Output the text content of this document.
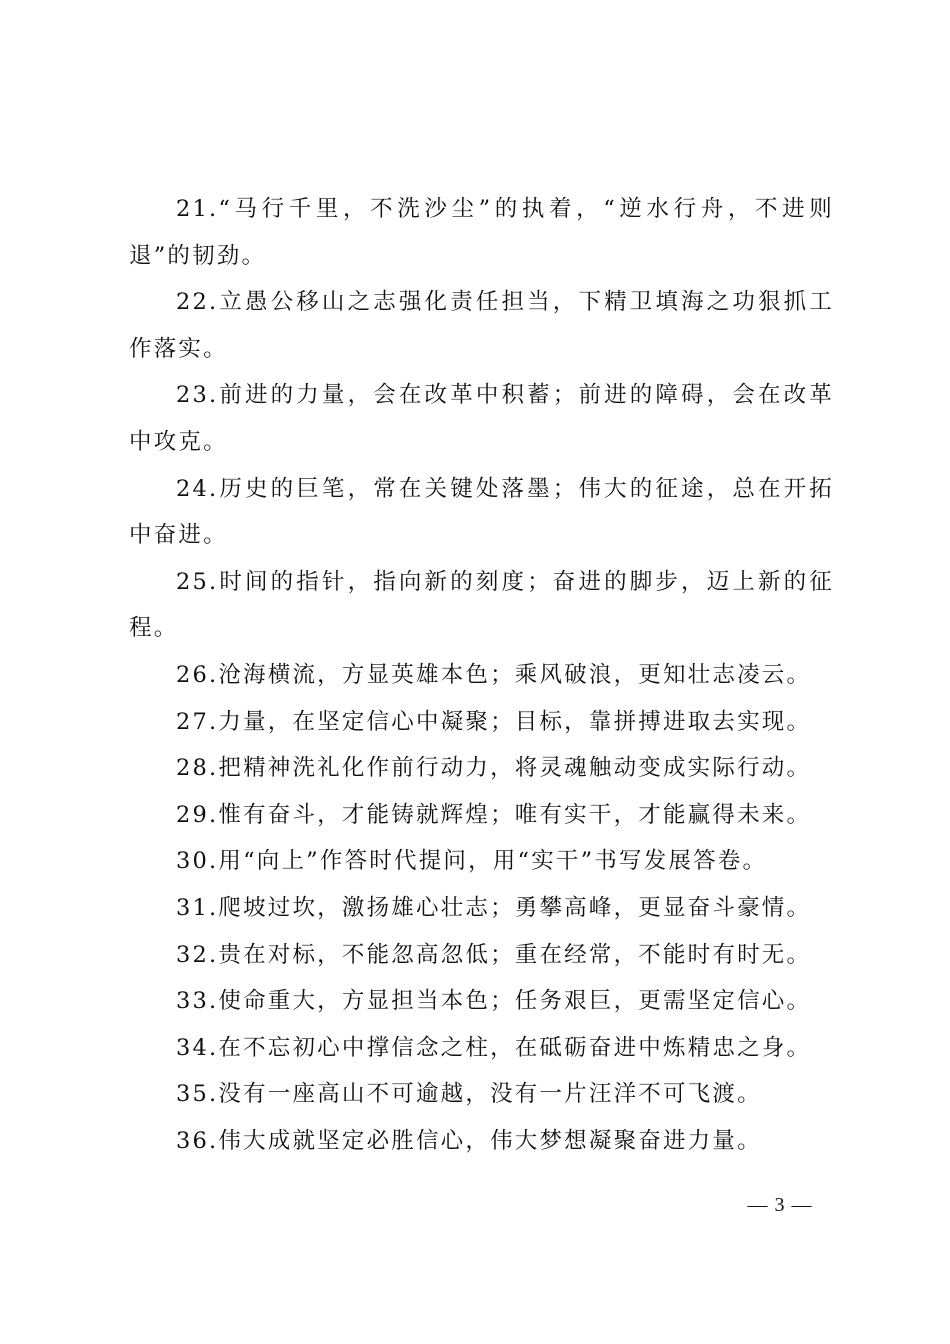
21.“马行千里，不洗沙尘”的执着，“逆水行舟，不进则退”的韧劲。

22.立愚公移山之志强化责任担当，下精卫填海之功狠抓工作落实。

23.前进的力量，会在改革中积蓄；前进的障碍，会在改革中攻克。

24.历史的巨笔，常在关键处落墨；伟大的征途，总在开拓中奋进。

25.时间的指针，指向新的刻度；奋进的脚步，迈上新的征程。

26.沧海横流，方显英雄本色；乘风破浪，更知壮志凌云。

27.力量，在坚定信心中凝聚；目标，靠拼搏进取去实现。

28.把精神洗礼化作前行动力，将灵魂触动变成实际行动。

29.惟有奋斗，才能铸就辉煌；唯有实干，才能赢得未来。

30.用“向上”作答时代提问，用“实干”书写发展答卷。

31.爬坡过坎，激扬雄心壮志；勇攀高峰，更显奋斗豪情。

32.贵在对标，不能忽高忽低；重在经常，不能时有时无。

33.使命重大，方显担当本色；任务艰巨，更需坚定信心。

34.在不忘初心中撑信念之柱，在砥砺奋进中炼精忠之身。

35.没有一座高山不可逾越，没有一片汪洋不可飞渡。

36.伟大成就坚定必胜信心，伟大梦想凝聚奋进力量。

— 3 —
